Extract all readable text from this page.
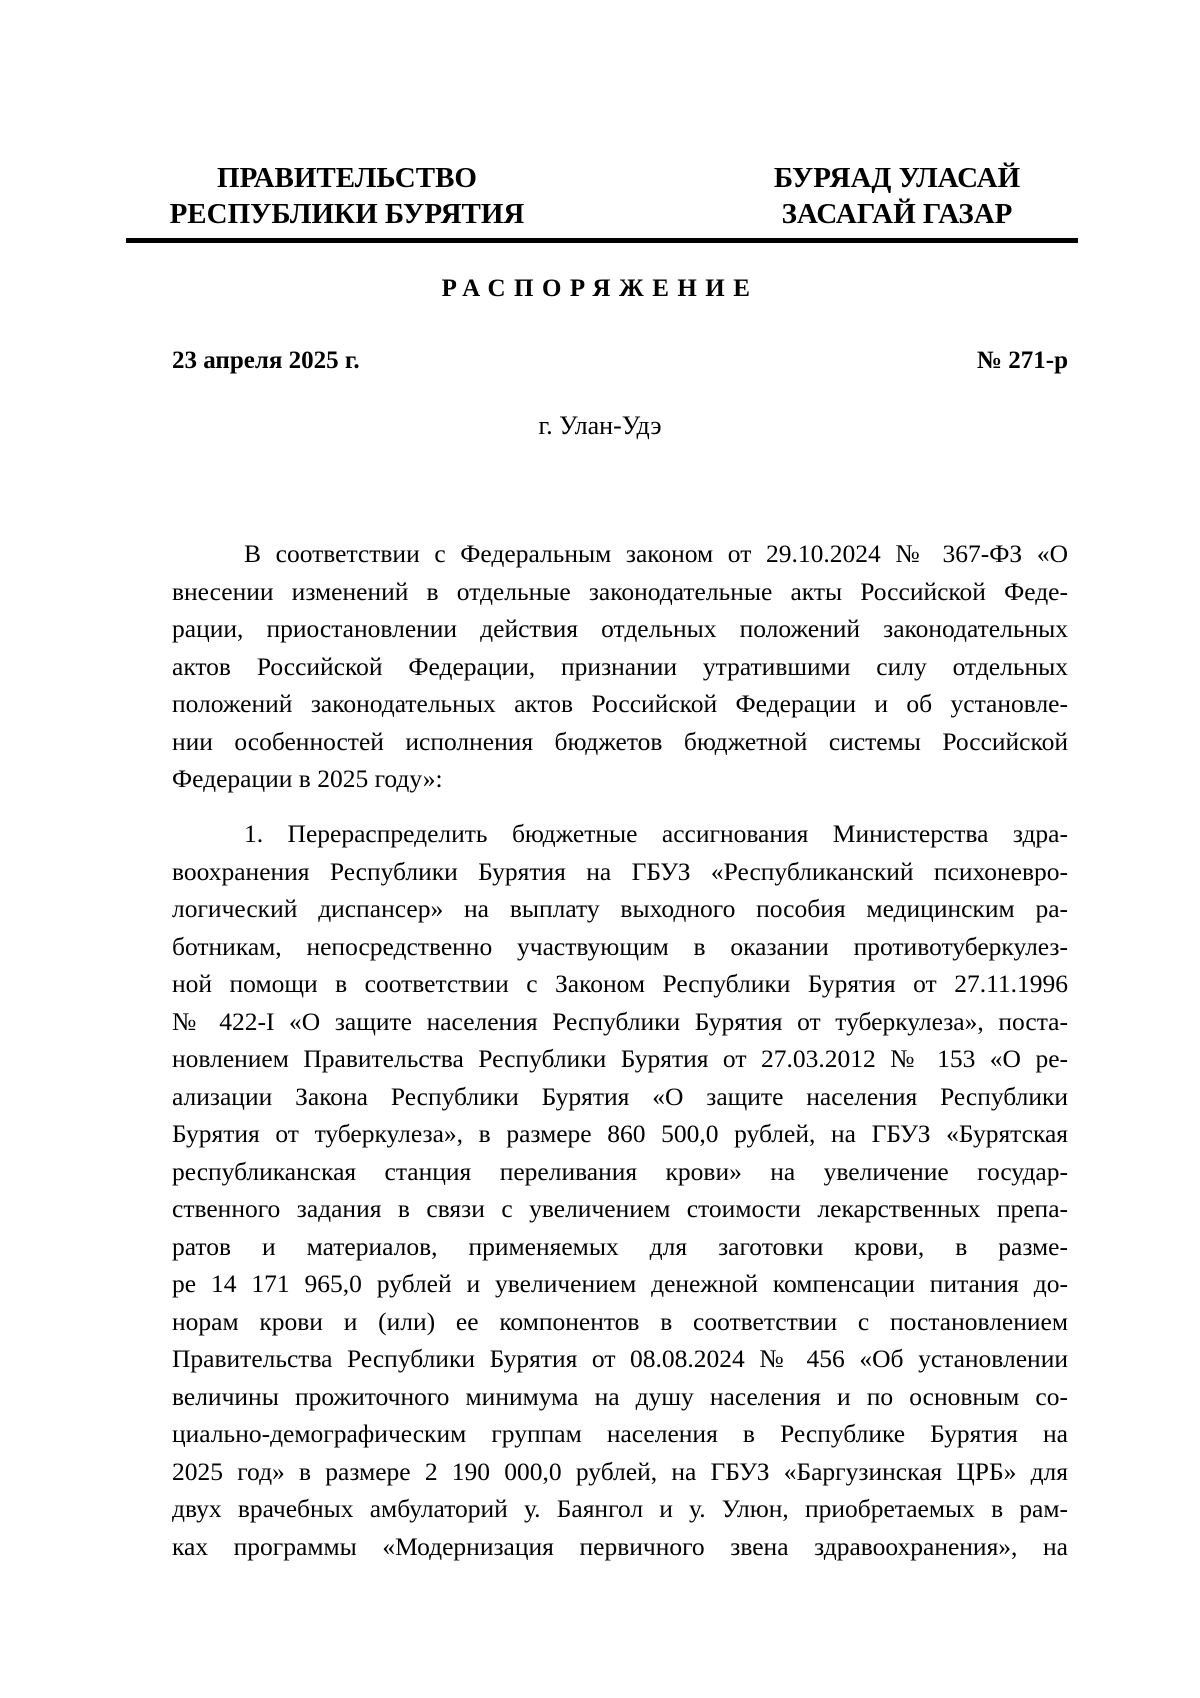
ПРАВИТЕЛЬСТВО
РЕСПУБЛИКИ БУРЯТИЯ
БУРЯАД УЛАСАЙ
ЗАСАГАЙ ГАЗАР
РАСПОРЯЖЕНИЕ
23 апреля 2025 г.	№ 271-р
г. Улан-Удэ
В соответствии с Федеральным законом от 29.10.2024 № 367-ФЗ «О
внесении изменений в отдельные законодательные акты Российской Феде-
рации, приостановлении действия отдельных положений законодательных
актов Российской Федерации, признании утратившими силу отдельных
положений законодательных актов Российской Федерации и об установле-
нии особенностей исполнения бюджетов бюджетной системы Российской
Федерации в 2025 году»:
1. Перераспределить бюджетные ассигнования Министерства здра-
воохранения Республики Бурятия на ГБУЗ «Республиканский психоневро-
логический диспансер» на выплату выходного пособия медицинским ра-
ботникам, непосредственно участвующим в оказании противотуберкулез-
ной помощи в соответствии с Законом Республики Бурятия от 27.11.1996
№ 422-I «О защите населения Республики Бурятия от туберкулеза», поста-
новлением Правительства Республики Бурятия от 27.03.2012 № 153 «О ре-
ализации Закона Республики Бурятия «О защите населения Республики
Бурятия от туберкулеза», в размере 860 500,0 рублей, на ГБУЗ «Бурятская
республиканская станция переливания крови» на увеличение государ-
ственного задания в связи с увеличением стоимости лекарственных препа-
ратов и материалов, применяемых для заготовки крови, в разме-
ре 14 171 965,0 рублей и увеличением денежной компенсации питания до-
норам крови и (или) ее компонентов в соответствии с постановлением
Правительства Республики Бурятия от 08.08.2024 № 456 «Об установлении
величины прожиточного минимума на душу населения и по основным со-
циально-демографическим группам населения в Республике Бурятия на
2025 год» в размере 2 190 000,0 рублей, на ГБУЗ «Баргузинская ЦРБ» для
двух врачебных амбулаторий у. Баянгол и у. Улюн, приобретаемых в рам-
ках программы «Модернизация первичного звена здравоохранения», на
